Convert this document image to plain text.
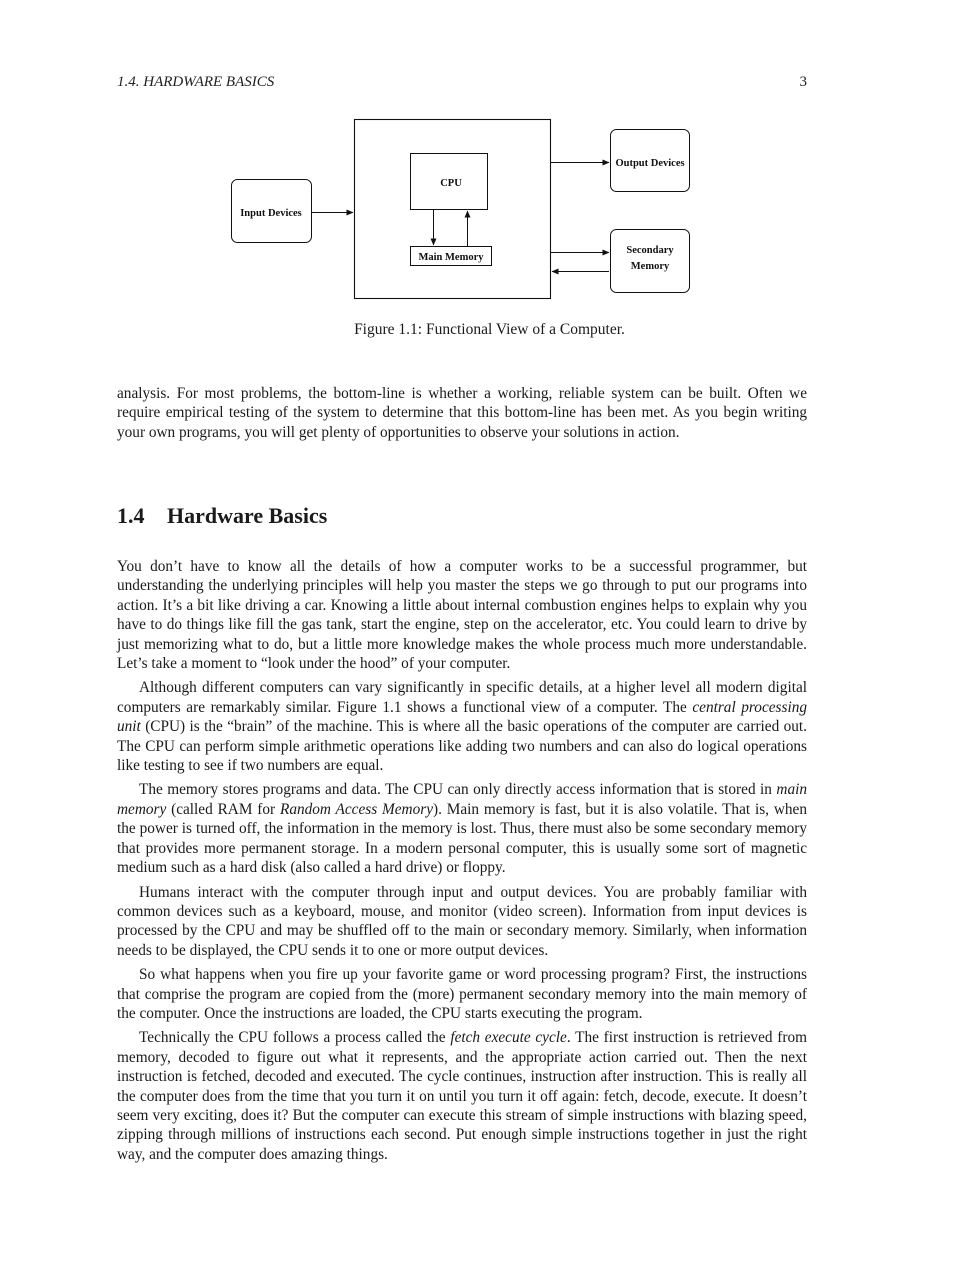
1.4. HARDWARE BASICS	3
CPU
Main Memory
Input Devices
Output Devices
Secondary
Memory
Figure 1.1: Functional View of a Computer.

analysis. For most problems, the bottom-line is whether a working, reliable system can be built. Often we require empirical testing of the system to determine that this bottom-line has been met. As you begin writing your own programs, you will get plenty of opportunities to observe your solutions in action.

1.4 Hardware Basics

You don’t have to know all the details of how a computer works to be a successful programmer, but understanding the underlying principles will help you master the steps we go through to put our programs into action. It’s a bit like driving a car. Knowing a little about internal combustion engines helps to explain why you have to do things like fill the gas tank, start the engine, step on the accelerator, etc. You could learn to drive by just memorizing what to do, but a little more knowledge makes the whole process much more understandable. Let’s take a moment to “look under the hood” of your computer.

Although different computers can vary significantly in specific details, at a higher level all modern digital computers are remarkably similar. Figure 1.1 shows a functional view of a computer. The central processing unit (CPU) is the “brain” of the machine. This is where all the basic operations of the computer are carried out. The CPU can perform simple arithmetic operations like adding two numbers and can also do logical operations like testing to see if two numbers are equal.

The memory stores programs and data. The CPU can only directly access information that is stored in main memory (called RAM for Random Access Memory). Main memory is fast, but it is also volatile. That is, when the power is turned off, the information in the memory is lost. Thus, there must also be some secondary memory that provides more permanent storage. In a modern personal computer, this is usually some sort of magnetic medium such as a hard disk (also called a hard drive) or floppy.

Humans interact with the computer through input and output devices. You are probably familiar with common devices such as a keyboard, mouse, and monitor (video screen). Information from input devices is processed by the CPU and may be shuffled off to the main or secondary memory. Similarly, when information needs to be displayed, the CPU sends it to one or more output devices.

So what happens when you fire up your favorite game or word processing program? First, the instructions that comprise the program are copied from the (more) permanent secondary memory into the main memory of the computer. Once the instructions are loaded, the CPU starts executing the program.

Technically the CPU follows a process called the fetch execute cycle. The first instruction is retrieved from memory, decoded to figure out what it represents, and the appropriate action carried out. Then the next instruction is fetched, decoded and executed. The cycle continues, instruction after instruction. This is really all the computer does from the time that you turn it on until you turn it off again: fetch, decode, execute. It doesn’t seem very exciting, does it? But the computer can execute this stream of simple instructions with blazing speed, zipping through millions of instructions each second. Put enough simple instructions together in just the right way, and the computer does amazing things.
